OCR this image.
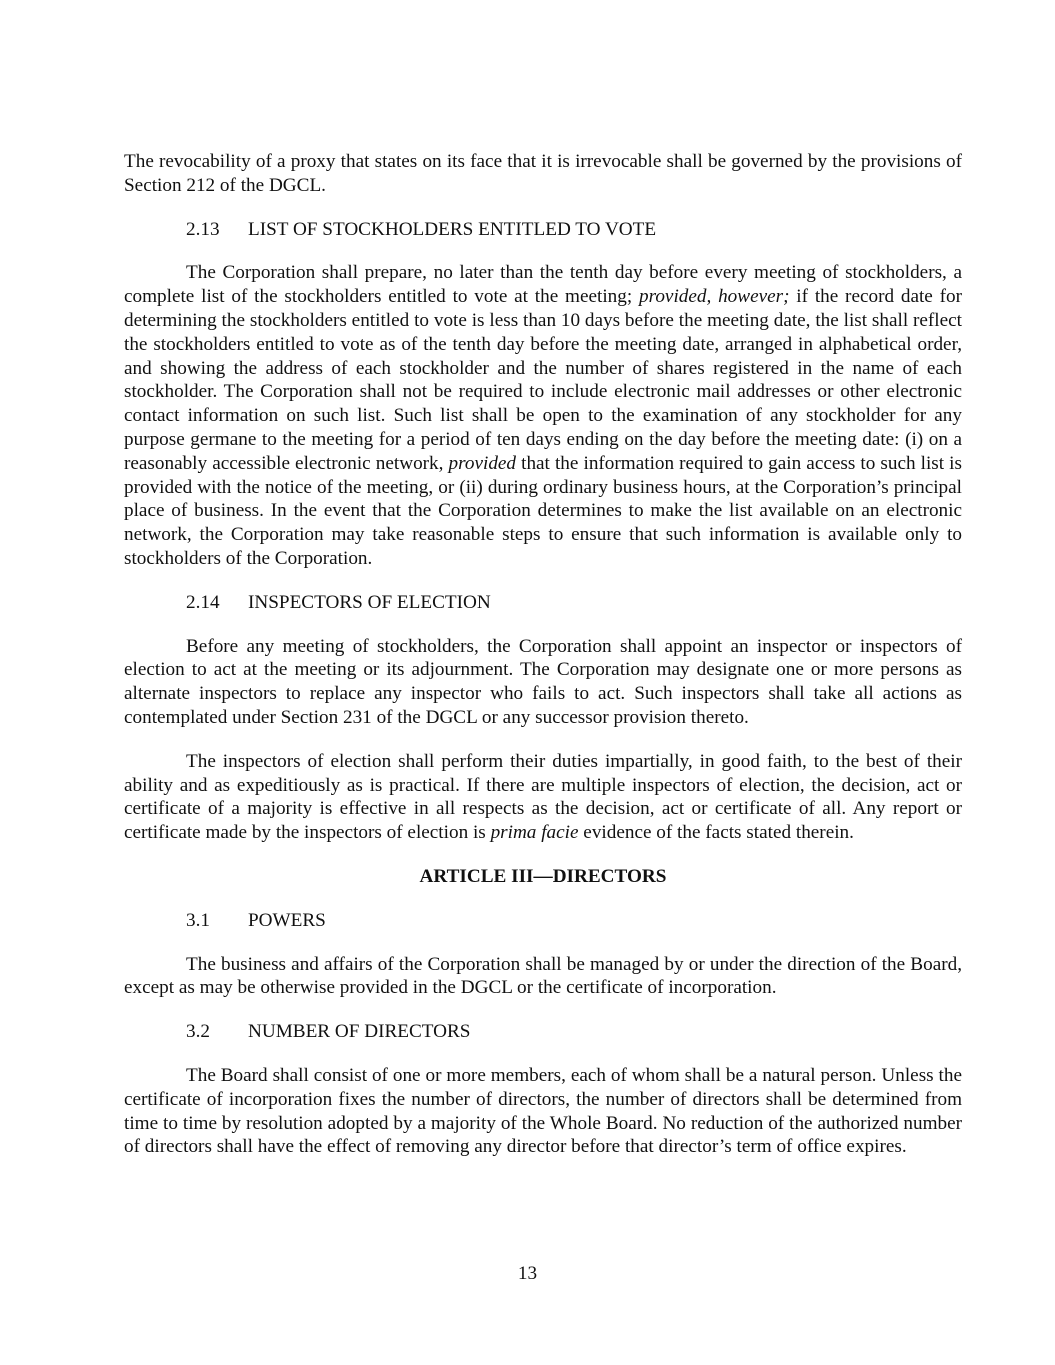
The revocability of a proxy that states on its face that it is irrevocable shall be governed by the provisions of Section 212 of the DGCL.

2.13 LIST OF STOCKHOLDERS ENTITLED TO VOTE

The Corporation shall prepare, no later than the tenth day before every meeting of stockholders, a complete list of the stockholders entitled to vote at the meeting; provided, however; if the record date for determining the stockholders entitled to vote is less than 10 days before the meeting date, the list shall reflect the stockholders entitled to vote as of the tenth day before the meeting date, arranged in alphabetical order, and showing the address of each stockholder and the number of shares registered in the name of each stockholder. The Corporation shall not be required to include electronic mail addresses or other electronic contact information on such list. Such list shall be open to the examination of any stockholder for any purpose germane to the meeting for a period of ten days ending on the day before the meeting date: (i) on a reasonably accessible electronic network, provided that the information required to gain access to such list is provided with the notice of the meeting, or (ii) during ordinary business hours, at the Corporation’s principal place of business. In the event that the Corporation determines to make the list available on an electronic network, the Corporation may take reasonable steps to ensure that such information is available only to stockholders of the Corporation.

2.14 INSPECTORS OF ELECTION

Before any meeting of stockholders, the Corporation shall appoint an inspector or inspectors of election to act at the meeting or its adjournment. The Corporation may designate one or more persons as alternate inspectors to replace any inspector who fails to act. Such inspectors shall take all actions as contemplated under Section 231 of the DGCL or any successor provision thereto.

The inspectors of election shall perform their duties impartially, in good faith, to the best of their ability and as expeditiously as is practical. If there are multiple inspectors of election, the decision, act or certificate of a majority is effective in all respects as the decision, act or certificate of all. Any report or certificate made by the inspectors of election is prima facie evidence of the facts stated therein.

ARTICLE III—DIRECTORS

3.1 POWERS

The business and affairs of the Corporation shall be managed by or under the direction of the Board, except as may be otherwise provided in the DGCL or the certificate of incorporation.

3.2 NUMBER OF DIRECTORS

The Board shall consist of one or more members, each of whom shall be a natural person. Unless the certificate of incorporation fixes the number of directors, the number of directors shall be determined from time to time by resolution adopted by a majority of the Whole Board. No reduction of the authorized number of directors shall have the effect of removing any director before that director’s term of office expires.

13
